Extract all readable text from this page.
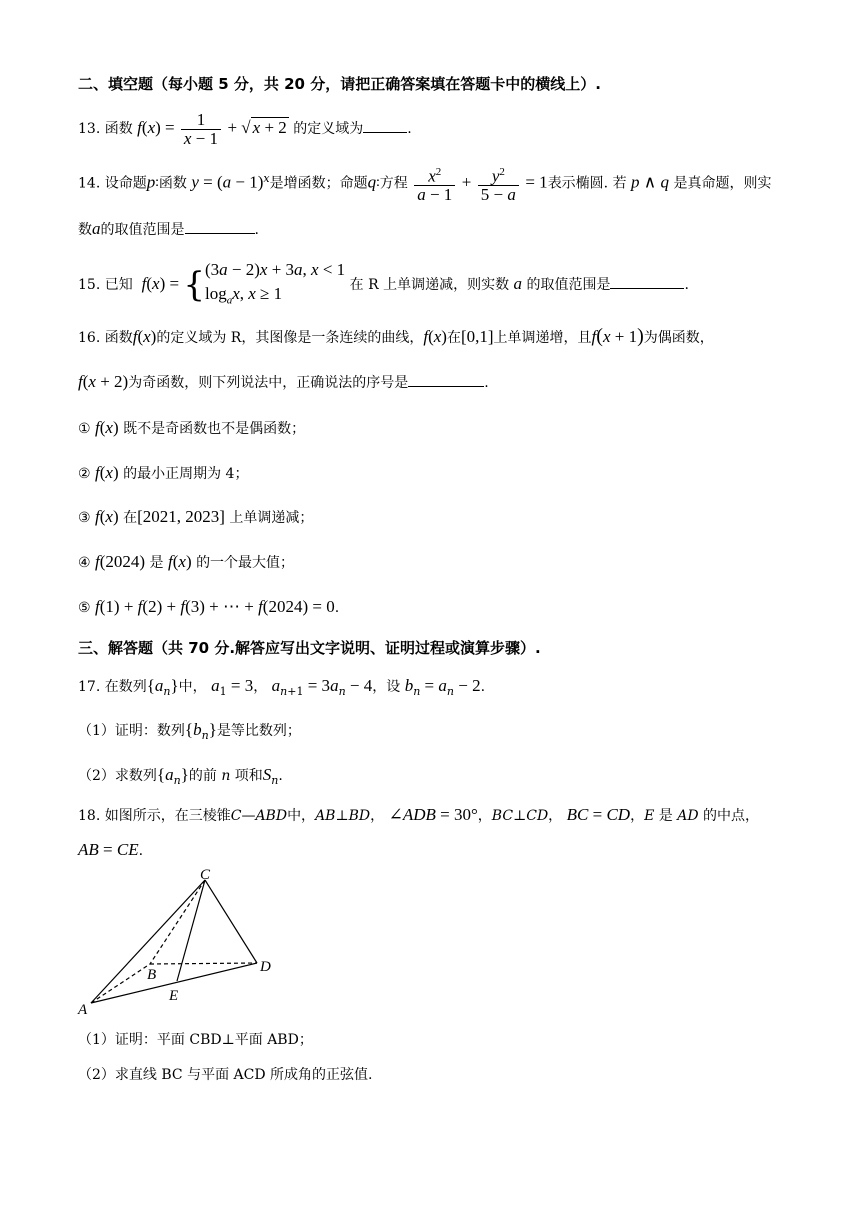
二、填空题（每小题 5 分，共 20 分，请把正确答案填在答题卡中的横线上）.
13. 函数 $f(x) = \frac{1}{x - 1}$ + √ x + 2 的定义域为	.
14. 设命题p∶函数 $y = (a - 1)^x$是增函数；命题q∶方程 $\frac{x^2}{a - 1} + \frac{y^2}{5 - a} = 1$表示椭圆. 若 p ∧ q 是真命题，则实
数a的取值范围是	.
15. 已知 f(x) = { (3a − 2)x + 3a, x < 1
$\log_ax$, x ≥ 1	在 R 上单调递减，则实数 a 的取值范围是	.
16. 函数f(x)的定义域为 R，其图像是一条连续的曲线，f(x)在[0,1]上单调递增，且f(x + 1)为偶函数，
f(x + 2)为奇函数，则下列说法中，正确说法的序号是	.
① f(x) 既不是奇函数也不是偶函数；
② f(x) 的最小正周期为 4；
③ f(x) 在[2021, 2023] 上单调递减；
④ f(2024) 是 f(x) 的一个最大值；
⑤ f(1) + f(2) + f(3) + ⋯ + f(2024) = 0.
三、解答题（共 70 分.解答应写出文字说明、证明过程或演算步骤）.
17. 在数列$\{a_n\}$中， $a_1 = 3$， $a_{n+1} = 3a_n - 4$，设 $b_n = a_n - 2$.
（1）证明：数列$\{b_n\}$是等比数列；
（2）求数列$\{a_n\}$的前 n 项和$S_n$.
18. 如图所示，在三棱锥C—ABD中，AB⊥BD， ∠ADB = 30°，BC⊥CD， BC = CD，E 是 AD 的中点，
AB = CE.
C
B	D
A
E
（1）证明：平面 CBD⊥平面 ABD；
（2）求直线 BC 与平面 ACD 所成角的正弦值.
